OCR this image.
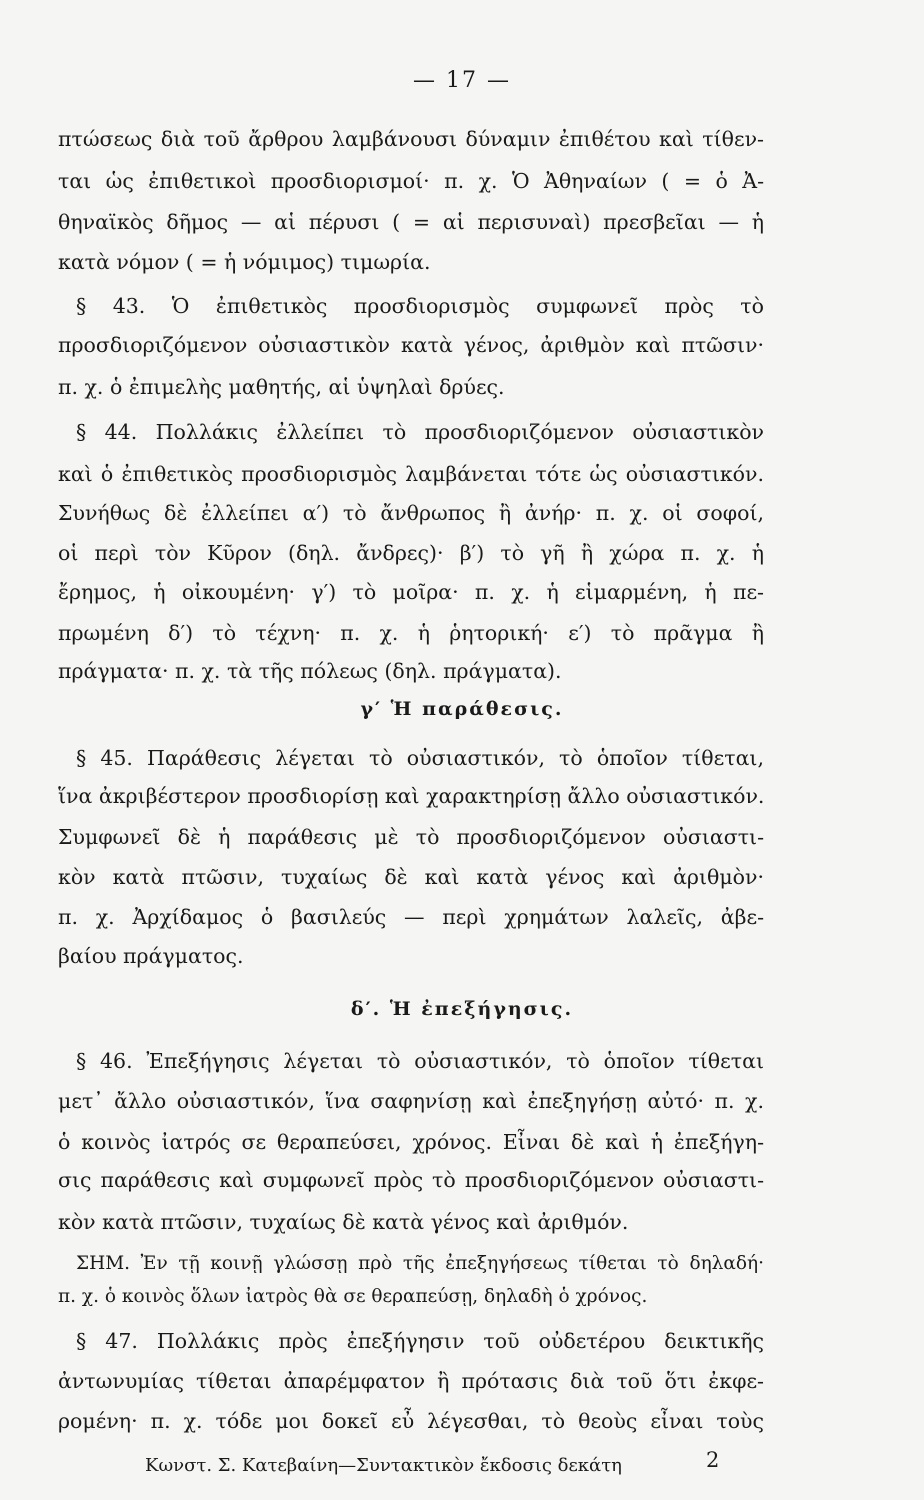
— 17 —
πτώσεως διὰ τοῦ ἄρθρου λαμβάνουσι δύναμιν ἐπιθέτου καὶ τίθεν-
ται ὡς ἐπιθετικοὶ προσδιορισμοί· π. χ. Ὁ Ἀθηναίων ( = ὁ Ἀ-
θηναϊκὸς δῆμος — αἱ πέρυσι ( = αἱ περισυναὶ) πρεσβεῖαι — ἡ
κατὰ νόμον ( = ἡ νόμιμος) τιμωρία.
§ 43. Ὁ ἐπιθετικὸς προσδιορισμὸς συμφωνεῖ πρὸς τὸ
προσδιοριζόμενον οὐσιαστικὸν κατὰ γένος, ἀριθμὸν καὶ πτῶσιν·
π. χ. ὁ ἐπιμελὴς μαθητής, αἱ ὑψηλαὶ δρύες.
§ 44. Πολλάκις ἐλλείπει τὸ προσδιοριζόμενον οὐσιαστικὸν
καὶ ὁ ἐπιθετικὸς προσδιορισμὸς λαμβάνεται τότε ὡς οὐσιαστικόν.
Συνήθως δὲ ἐλλείπει α′) τὸ ἄνθρωπος ἢ ἀνήρ· π. χ. οἱ σοφοί,
οἱ περὶ τὸν Κῦρον (δηλ. ἄνδρες)· β′) τὸ γῆ ἢ χώρα π. χ. ἡ
ἔρημος, ἡ οἰκουμένη· γ′) τὸ μοῖρα· π. χ. ἡ εἱμαρμένη, ἡ πε-
πρωμένη δ′) τὸ τέχνη· π. χ. ἡ ῥητορική· ε′) τὸ πρᾶγμα ἢ
πράγματα· π. χ. τὰ τῆς πόλεως (δηλ. πράγματα).
γ′ Ἡ παράθεσις.
§ 45. Παράθεσις λέγεται τὸ οὐσιαστικόν, τὸ ὁποῖον τίθεται,
ἵνα ἀκριβέστερον προσδιορίσῃ καὶ χαρακτηρίσῃ ἄλλο οὐσιαστικόν.
Συμφωνεῖ δὲ ἡ παράθεσις μὲ τὸ προσδιοριζόμενον οὐσιαστι-
κὸν κατὰ πτῶσιν, τυχαίως δὲ καὶ κατὰ γένος καὶ ἀριθμὸν·
π. χ. Ἀρχίδαμος ὁ βασιλεύς — περὶ χρημάτων λαλεῖς, ἀβε-
βαίου πράγματος.
δ′. Ἡ ἐπεξήγησις.
§ 46. Ἐπεξήγησις λέγεται τὸ οὐσιαστικόν, τὸ ὁποῖον τίθεται
μετ᾽ ἄλλο οὐσιαστικόν, ἵνα σαφηνίσῃ καὶ ἐπεξηγήσῃ αὐτό· π. χ.
ὁ κοινὸς ἰατρός σε θεραπεύσει, χρόνος. Εἶναι δὲ καὶ ἡ ἐπεξήγη-
σις παράθεσις καὶ συμφωνεῖ πρὸς τὸ προσδιοριζόμενον οὐσιαστι-
κὸν κατὰ πτῶσιν, τυχαίως δὲ κατὰ γένος καὶ ἀριθμόν.
ΣΗΜ. Ἐν τῇ κοινῇ γλώσσῃ πρὸ τῆς ἐπεξηγήσεως τίθεται τὸ δηλαδή·
π. χ. ὁ κοινὸς ὅλων ἰατρὸς θὰ σε θεραπεύσῃ, δηλαδὴ ὁ χρόνος.
§ 47. Πολλάκις πρὸς ἐπεξήγησιν τοῦ οὐδετέρου δεικτικῆς
ἀντωνυμίας τίθεται ἀπαρέμφατον ἢ πρότασις διὰ τοῦ ὅτι ἐκφε-
ρομένη· π. χ. τόδε μοι δοκεῖ εὖ λέγεσθαι, τὸ θεοὺς εἶναι τοὺς
Κωνστ. Σ. Κατεβαίνη—Συντακτικὸν ἔκδοσις δεκάτη	2
